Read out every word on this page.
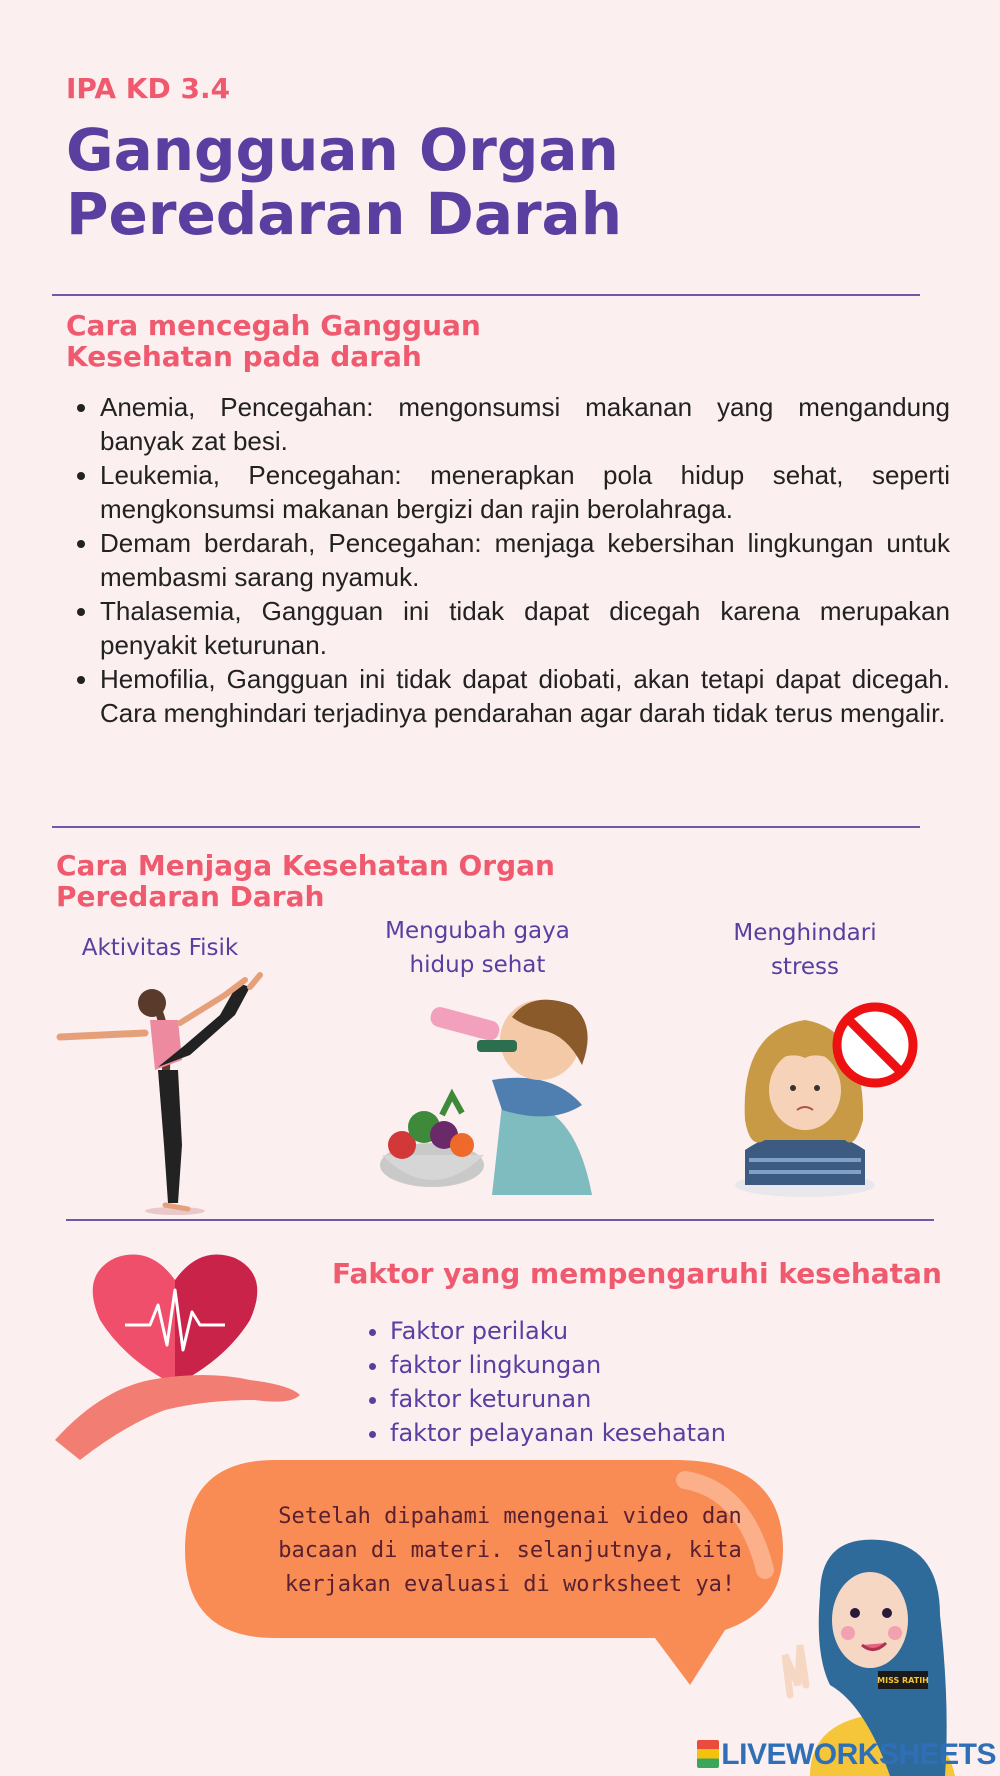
IPA KD 3.4
Gangguan Organ Peredaran Darah
Cara mencegah Gangguan
Kesehatan pada darah
• Anemia, Pencegahan: mengonsumsi makanan yang mengandung banyak zat besi.
• Leukemia, Pencegahan: menerapkan pola hidup sehat, seperti mengkonsumsi makanan bergizi dan rajin berolahraga.
• Demam berdarah, Pencegahan: menjaga kebersihan lingkungan untuk membasmi sarang nyamuk.
• Thalasemia, Gangguan ini tidak dapat dicegah karena merupakan penyakit keturunan.
• Hemofilia, Gangguan ini tidak dapat diobati, akan tetapi dapat dicegah. Cara menghindari terjadinya pendarahan agar darah tidak terus mengalir.
Cara Menjaga Kesehatan Organ
Peredaran Darah
Aktivitas Fisik
Mengubah gaya
hidup sehat
Menghindari
stress
Faktor yang mempengaruhi kesehatan
• Faktor perilaku
• faktor lingkungan
• faktor keturunan
• faktor pelayanan kesehatan
Setelah dipahami mengenai video dan
bacaan di materi. selanjutnya, kita
kerjakan evaluasi di worksheet ya!
MISS RATIH
LIVEWORKSHEETS
